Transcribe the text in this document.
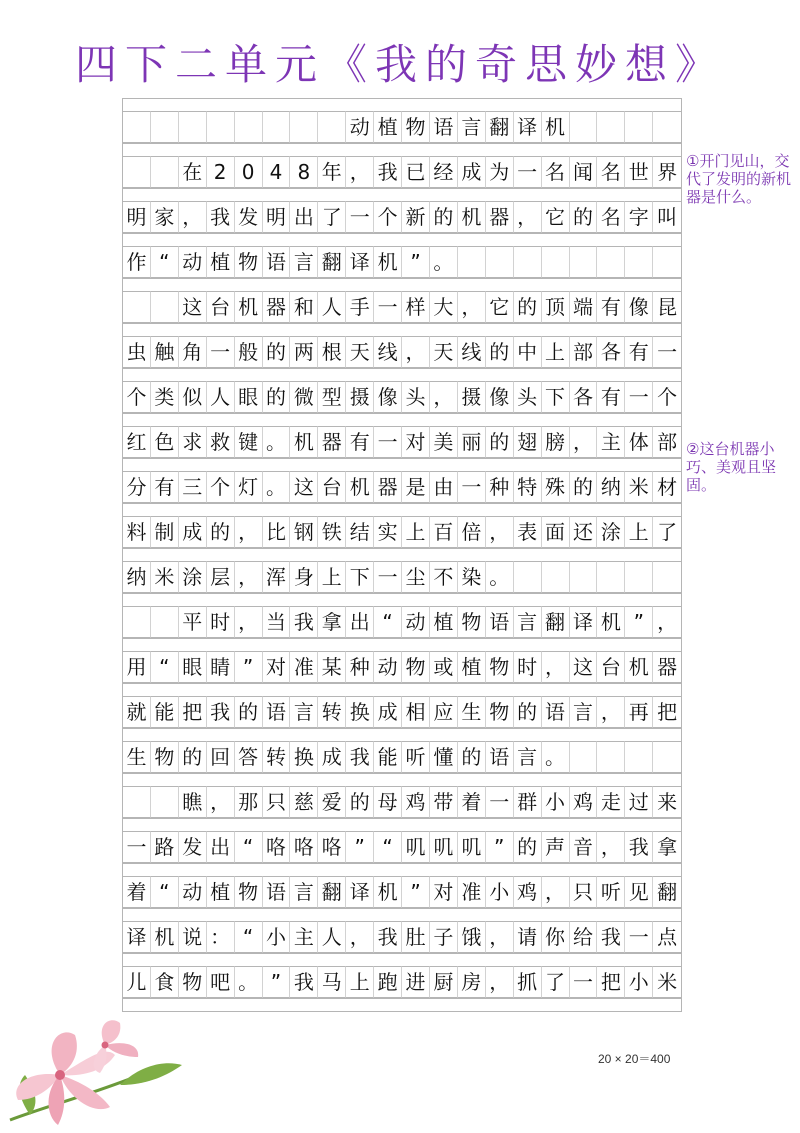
四下二单元《我的奇思妙想》
动 植 物 语 言 翻 译 机
在 2 0 4 8 年 ， 我 已 经 成 为 一 名 闻 名 世 界
明 家 ， 我 发 明 出 了 一 个 新 的 机 器 ， 它 的 名 字 叫
作 “ 动 植 物 语 言 翻 译 机 ” 。
这 台 机 器 和 人 手 一 样 大 ， 它 的 顶 端 有 像 昆
虫 触 角 一 般 的 两 根 天 线 ， 天 线 的 中 上 部 各 有 一
个 类 似 人 眼 的 微 型 摄 像 头 ， 摄 像 头 下 各 有 一 个
红 色 求 救 键 。 机 器 有 一 对 美 丽 的 翅 膀 ， 主 体 部
分 有 三 个 灯 。 这 台 机 器 是 由 一 种 特 殊 的 纳 米 材
料 制 成 的 ， 比 钢 铁 结 实 上 百 倍 ， 表 面 还 涂 上 了
纳 米 涂 层 ， 浑 身 上 下 一 尘 不 染 。
平 时 ， 当 我 拿 出 “ 动 植 物 语 言 翻 译 机 ” ，
用 “ 眼 睛 ” 对 准 某 种 动 物 或 植 物 时 ， 这 台 机 器
就 能 把 我 的 语 言 转 换 成 相 应 生 物 的 语 言 ， 再 把
生 物 的 回 答 转 换 成 我 能 听 懂 的 语 言 。
瞧 ， 那 只 慈 爱 的 母 鸡 带 着 一 群 小 鸡 走 过 来
一 路 发 出 “ 咯 咯 咯 ” “ 叽 叽 叽 ” 的 声 音 ， 我 拿
着 “ 动 植 物 语 言 翻 译 机 ” 对 准 小 鸡 ， 只 听 见 翻
译 机 说 ： “ 小 主 人 ， 我 肚 子 饿 ， 请 你 给 我 一 点
儿 食 物 吧 。 ” 我 马 上 跑 进 厨 房 ， 抓 了 一 把 小 米
①开门见山，交代了发明的新机器是什么。
②这台机器小巧、美观且坚固。
20 × 20＝400
